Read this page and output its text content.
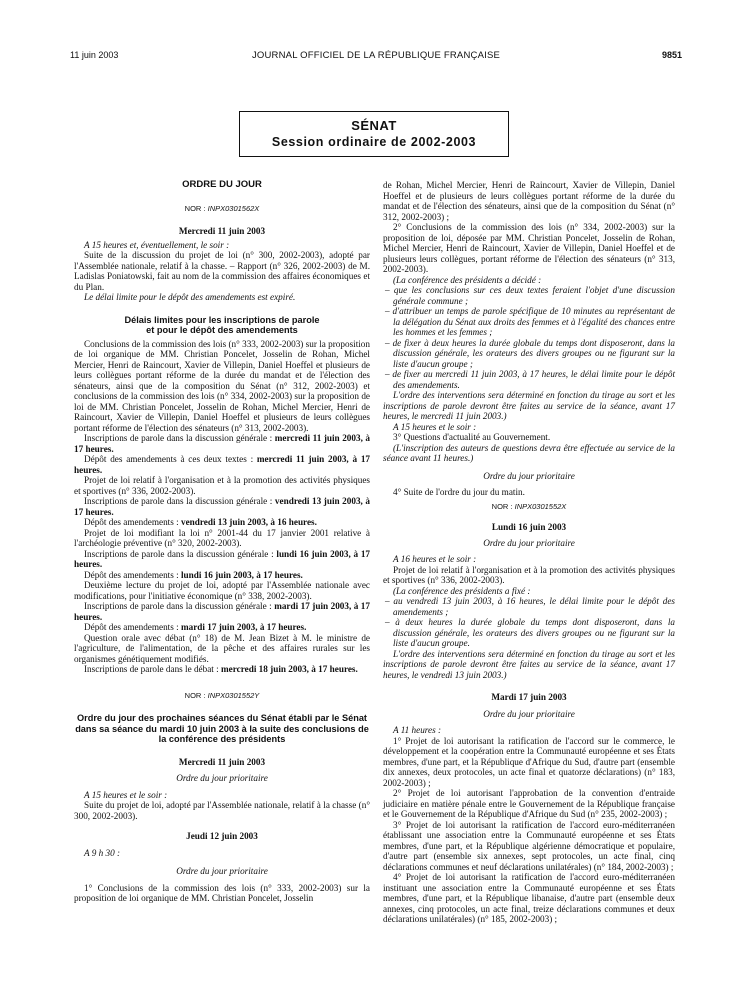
11 juin 2003	JOURNAL OFFICIEL DE LA RÉPUBLIQUE FRANÇAISE	9851
SÉNAT
Session ordinaire de 2002-2003

ORDRE DU JOUR

NOR : INPX0301562X

Mercredi 11 juin 2003

A 15 heures et, éventuellement, le soir :

Suite de la discussion du projet de loi (n° 300, 2002-2003), adopté par l'Assemblée nationale, relatif à la chasse. – Rapport (n° 326, 2002-2003) de M. Ladislas Poniatowski, fait au nom de la commission des affaires économiques et du Plan.

Le délai limite pour le dépôt des amendements est expiré.

Délais limites pour les inscriptions de parole

et pour le dépôt des amendements

Conclusions de la commission des lois (n° 333, 2002-2003) sur la proposition de loi organique de MM. Christian Poncelet, Josselin de Rohan, Michel Mercier, Henri de Raincourt, Xavier de Villepin, Daniel Hoeffel et plusieurs de leurs collègues portant réforme de la durée du mandat et de l'élection des sénateurs, ainsi que de la composition du Sénat (n° 312, 2002-2003) et conclusions de la commission des lois (n° 334, 2002-2003) sur la proposition de loi de MM. Christian Poncelet, Josselin de Rohan, Michel Mercier, Henri de Raincourt, Xavier de Villepin, Daniel Hoeffel et plusieurs de leurs collègues portant réforme de l'élection des sénateurs (n° 313, 2002-2003).

Inscriptions de parole dans la discussion générale : mercredi 11 juin 2003, à 17 heures.

Dépôt des amendements à ces deux textes : mercredi 11 juin 2003, à 17 heures.

Projet de loi relatif à l'organisation et à la promotion des activités physiques et sportives (n° 336, 2002-2003).

Inscriptions de parole dans la discussion générale : vendredi 13 juin 2003, à 17 heures.

Dépôt des amendements : vendredi 13 juin 2003, à 16 heures.

Projet de loi modifiant la loi n° 2001-44 du 17 janvier 2001 relative à l'archéologie préventive (n° 320, 2002-2003).

Inscriptions de parole dans la discussion générale : lundi 16 juin 2003, à 17 heures.

Dépôt des amendements : lundi 16 juin 2003, à 17 heures.

Deuxième lecture du projet de loi, adopté par l'Assemblée nationale avec modifications, pour l'initiative économique (n° 338, 2002-2003).

Inscriptions de parole dans la discussion générale : mardi 17 juin 2003, à 17 heures.

Dépôt des amendements : mardi 17 juin 2003, à 17 heures.

Question orale avec débat (n° 18) de M. Jean Bizet à M. le ministre de l'agriculture, de l'alimentation, de la pêche et des affaires rurales sur les organismes génétiquement modifiés.

Inscriptions de parole dans le débat : mercredi 18 juin 2003, à 17 heures.

NOR : INPX0301552Y

Ordre du jour des prochaines séances du Sénat établi par le Sénat dans sa séance du mardi 10 juin 2003 à la suite des conclusions de la conférence des présidents

Mercredi 11 juin 2003

Ordre du jour prioritaire

A 15 heures et le soir :

Suite du projet de loi, adopté par l'Assemblée nationale, relatif à la chasse (n° 300, 2002-2003).

Jeudi 12 juin 2003

A 9 h 30 :

Ordre du jour prioritaire

1° Conclusions de la commission des lois (n° 333, 2002-2003) sur la proposition de loi organique de MM. Christian Poncelet, Josselin

de Rohan, Michel Mercier, Henri de Raincourt, Xavier de Villepin, Daniel Hoeffel et de plusieurs de leurs collègues portant réforme de la durée du mandat et de l'élection des sénateurs, ainsi que de la composition du Sénat (n° 312, 2002-2003) ;

2° Conclusions de la commission des lois (n° 334, 2002-2003) sur la proposition de loi, déposée par MM. Christian Poncelet, Josselin de Rohan, Michel Mercier, Henri de Raincourt, Xavier de Villepin, Daniel Hoeffel et de plusieurs leurs collègues, portant réforme de l'élection des sénateurs (n° 313, 2002-2003).

(La conférence des présidents a décidé :

– que les conclusions sur ces deux textes feraient l'objet d'une discussion générale commune ;

– d'attribuer un temps de parole spécifique de 10 minutes au représentant de la délégation du Sénat aux droits des femmes et à l'égalité des chances entre les hommes et les femmes ;

– de fixer à deux heures la durée globale du temps dont disposeront, dans la discussion générale, les orateurs des divers groupes ou ne figurant sur la liste d'aucun groupe ;

– de fixer au mercredi 11 juin 2003, à 17 heures, le délai limite pour le dépôt des amendements.

L'ordre des interventions sera déterminé en fonction du tirage au sort et les inscriptions de parole devront être faites au service de la séance, avant 17 heures, le mercredi 11 juin 2003.)

A 15 heures et le soir :

3° Questions d'actualité au Gouvernement.

(L'inscription des auteurs de questions devra être effectuée au service de la séance avant 11 heures.)

Ordre du jour prioritaire

4° Suite de l'ordre du jour du matin.

NOR : INPX0301552X

Lundi 16 juin 2003

Ordre du jour prioritaire

A 16 heures et le soir :

Projet de loi relatif à l'organisation et à la promotion des activités physiques et sportives (n° 336, 2002-2003).

(La conférence des présidents a fixé :

– au vendredi 13 juin 2003, à 16 heures, le délai limite pour le dépôt des amendements ;

– à deux heures la durée globale du temps dont disposeront, dans la discussion générale, les orateurs des divers groupes ou ne figurant sur la liste d'aucun groupe.

L'ordre des interventions sera déterminé en fonction du tirage au sort et les inscriptions de parole devront être faites au service de la séance, avant 17 heures, le vendredi 13 juin 2003.)

Mardi 17 juin 2003

Ordre du jour prioritaire

A 11 heures :

1° Projet de loi autorisant la ratification de l'accord sur le commerce, le développement et la coopération entre la Communauté européenne et ses États membres, d'une part, et la République d'Afrique du Sud, d'autre part (ensemble dix annexes, deux protocoles, un acte final et quatorze déclarations) (n° 183, 2002-2003) ;

2° Projet de loi autorisant l'approbation de la convention d'entraide judiciaire en matière pénale entre le Gouvernement de la République française et le Gouvernement de la République d'Afrique du Sud (n° 235, 2002-2003) ;

3° Projet de loi autorisant la ratification de l'accord euro-méditerranéen établissant une association entre la Communauté européenne et ses États membres, d'une part, et la République algérienne démocratique et populaire, d'autre part (ensemble six annexes, sept protocoles, un acte final, cinq déclarations communes et neuf déclarations unilatérales) (n° 184, 2002-2003) ;

4° Projet de loi autorisant la ratification de l'accord euro-méditerranéen instituant une association entre la Communauté européenne et ses États membres, d'une part, et la République libanaise, d'autre part (ensemble deux annexes, cinq protocoles, un acte final, treize déclarations communes et deux déclarations unilatérales) (n° 185, 2002-2003) ;
